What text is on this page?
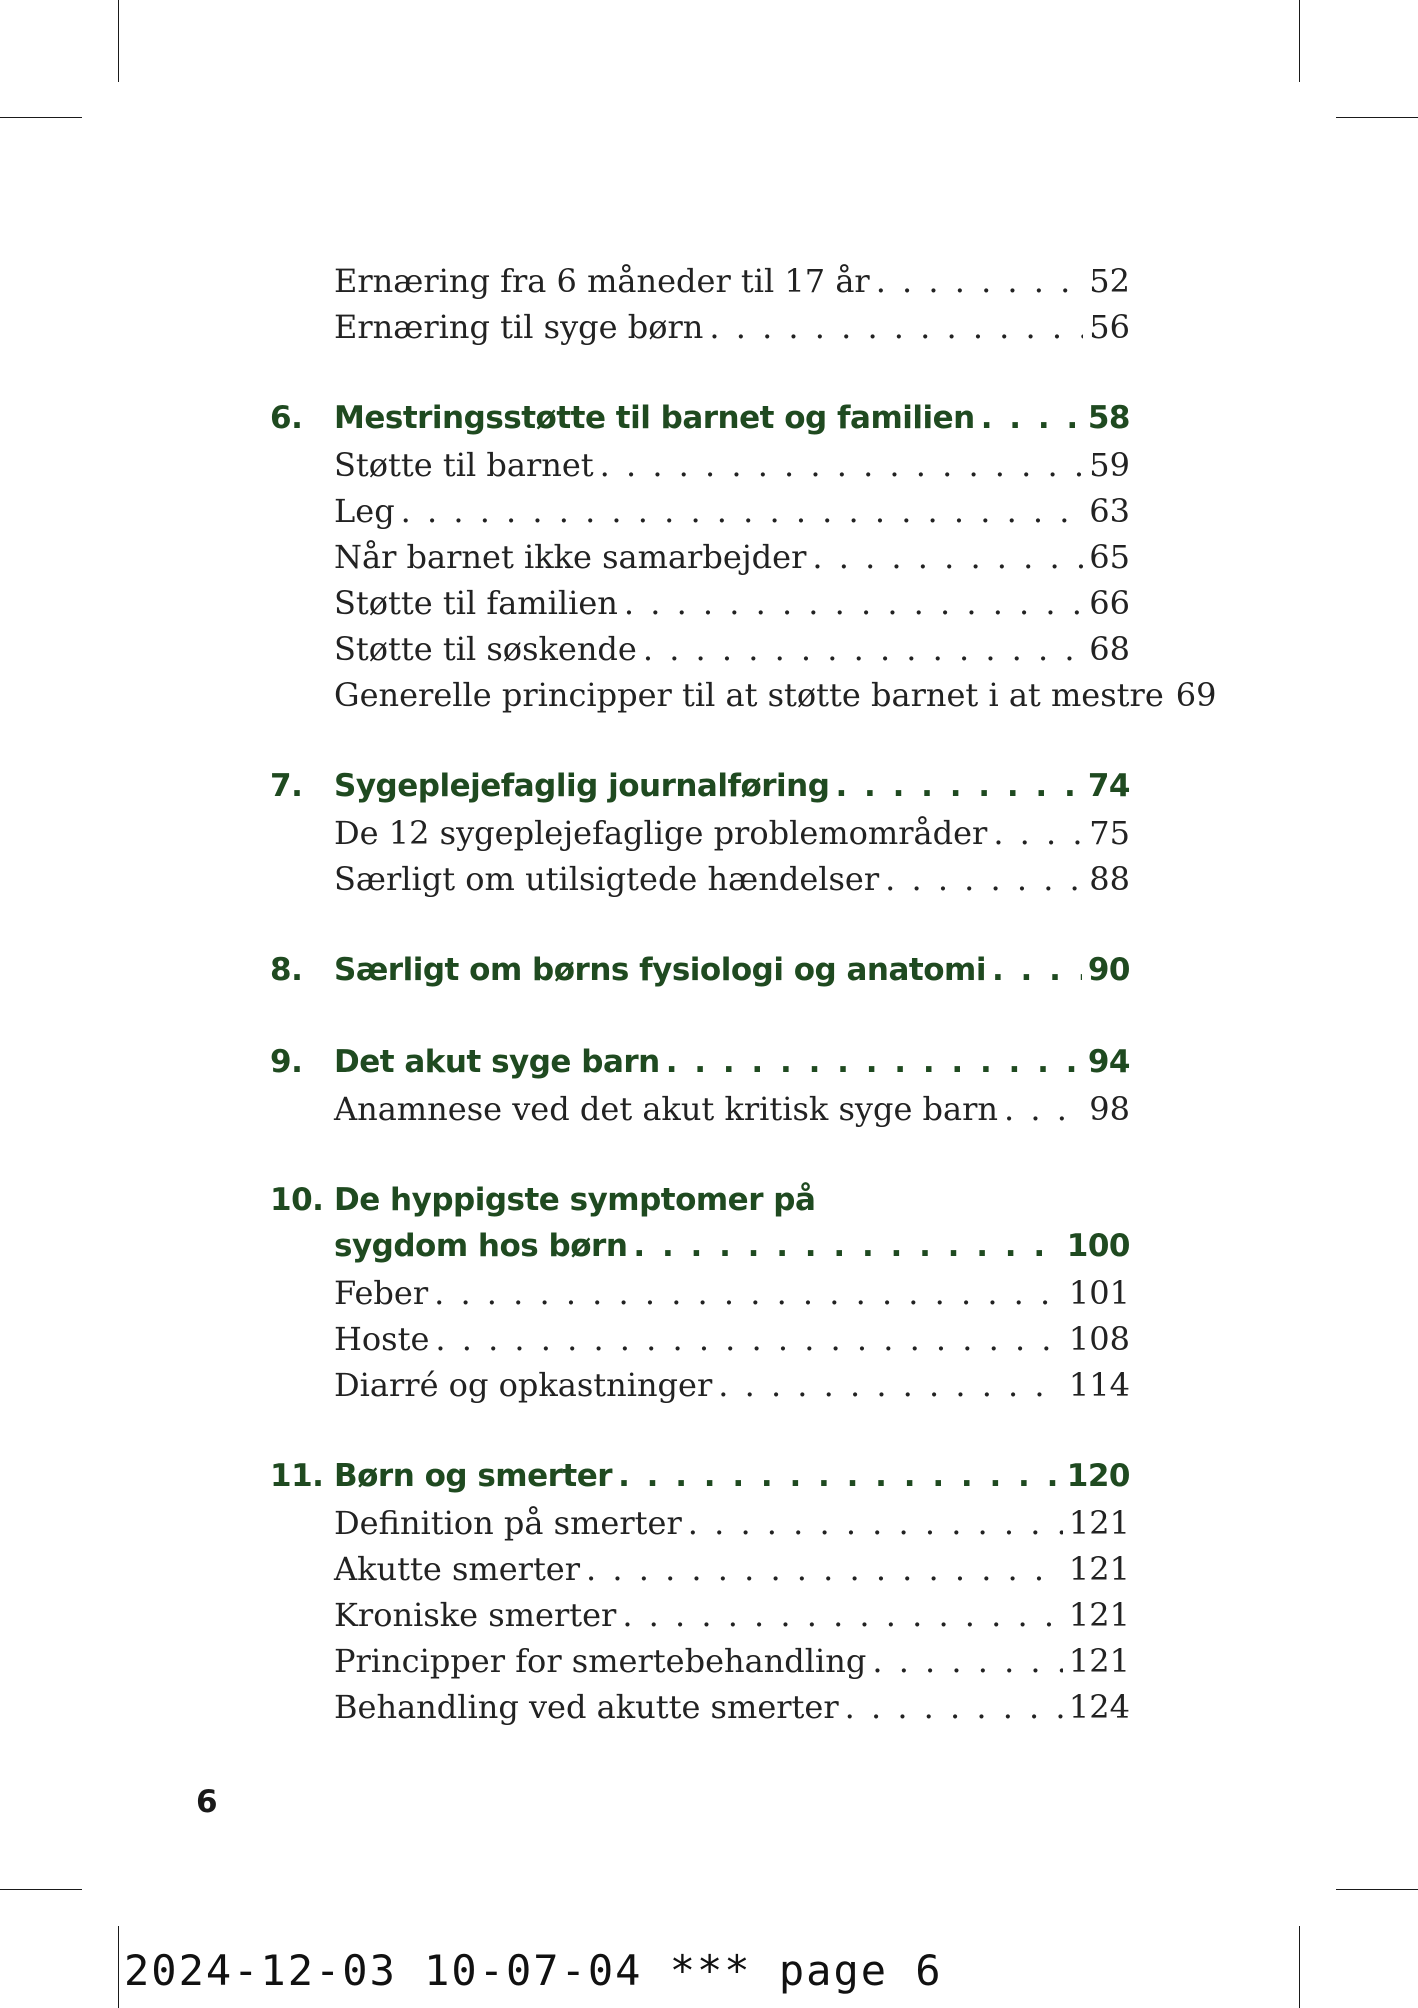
Ernæring fra 6 måneder til 17 år . . .	52
Ernæring til syge børn . . .	56
6. Mestringsstøtte til barnet og familien . . .	58
Støtte til barnet . . .	59
Leg . . .	63
Når barnet ikke samarbejder . . .	65
Støtte til familien . . .	66
Støtte til søskende . . .	68
Generelle principper til at støtte barnet i at mestre 69
7. Sygeplejefaglig journalføring . . .	74
De 12 sygeplejefaglige problemområder . . .	75
Særligt om utilsigtede hændelser . . .	88
8. Særligt om børns fysiologi og anatomi . . .	90
9. Det akut syge barn . . .	94
Anamnese ved det akut kritisk syge barn . . .	98
10. De hyppigste symptomer på
sygdom hos børn . . .	100
Feber . . .	101
Hoste . . .	108
Diarré og opkastninger . . .	114
11. Børn og smerter . . .	120
Definition på smerter . . .	121
Akutte smerter . . .	121
Kroniske smerter . . .	121
Principper for smertebehandling . . .	121
Behandling ved akutte smerter . . .	124
6
2024-12-03 10-07-04 *** page 6
